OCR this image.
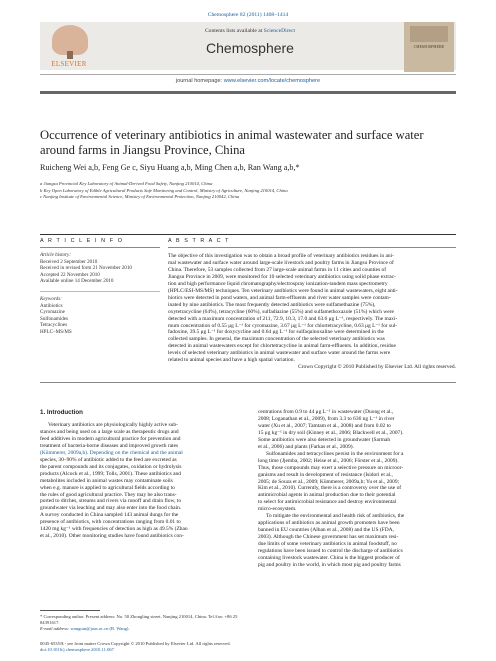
Chemosphere 82 (2011) 1408–1414
ELSEVIER
Contents lists available at ScienceDirect
Chemosphere	CHEMOSPHERE
journal homepage: www.elsevier.com/locate/chemosphere
Occurrence of veterinary antibiotics in animal wastewater and surface water
around farms in Jiangsu Province, China
Ruicheng Wei a,b, Feng Ge c, Siyu Huang a,b, Ming Chen a,b, Ran Wang a,b,*
a Jiangsu Provincial Key Laboratory of Animal-Derived Food Safety, Nanjing 210014, China
b Key Open Laboratory of Edible Agricultural Products Safe Monitoring and Control, Ministry of Agriculture, Nanjing 210014, China
c Nanjing Institute of Environmental Science, Ministry of Environmental Protection, Nanjing 210042, China
A R T I C L E I N F O	A B S T R A C T
Article history:
Received 2 September 2010
Received in revised form 21 November 2010
Accepted 22 November 2010
Available online 14 December 2010
Keywords:
Antibiotics
Cyromazine
Sulfonamides
Tetracyclines
HPLC–MS/MS
The objective of this investigation was to obtain a broad profile of veterinary antibiotics residues in ani-
mal wastewater and surface water around large-scale livestock and poultry farms in Jiangsu Province of
China. Therefore, 53 samples collected from 27 large-scale animal farms in 11 cities and counties of
Jiangsu Province in 2009, were monitored for 10 selected veterinary antibiotics using solid phase extrac-
tion and high performance liquid chromatography/electrospray ionization-tandem mass spectrometry
(HPLC/ESI-MS/MS) techniques. Ten veterinary antibiotics were found in animal wastewaters, eight anti-
biotics were detected in pond waters, and animal farm-effluents and river water samples were contam-
inated by nine antibiotics. The most frequently detected antibiotics were sulfamethazine (75%),
oxytetracycline (64%), tetracycline (60%), sulfadiazine (55%) and sulfamethoxazole (51%) which were
detected with a maximum concentration of 211, 72.9, 10.3, 17.0 and 63.6 μg L⁻¹, respectively. The maxi-
mum concentration of 0.55 μg L⁻¹ for cyromazine, 3.67 μg L⁻¹ for chlortetracycline, 0.63 μg L⁻¹ for sul-
fadoxine, 39.5 μg L⁻¹ for doxycycline and 0.64 μg L⁻¹ for sulfaquinoxaline were determined in the
collected samples. In general, the maximum concentration of the selected veterinary antibiotics was
detected in animal wastewaters except for chlortetracycline in animal farm-effluents. In addition, residue
levels of selected veterinary antibiotics in animal wastewater and surface water around the farms were
related to animal species and have a high spatial variation.
Crown Copyright © 2010 Published by Elsevier Ltd. All rights reserved.
1. Introduction
Veterinary antibiotics are physiologically highly active sub-
stances and being used on a large scale as therapeutic drugs and
feed additives in modern agricultural practice for prevention and
treatment of bacteria-borne diseases and improved growth rates
(Kümmerer, 2009a,b). Depending on the chemical and the animal
species, 30–90% of antibiotic added to the feed are excreted as
the parent compounds and its conjugates, oxidation or hydrolysis
products (Alcock et al., 1999; Tolls, 2001). These antibiotics and
metabolites included in animal wastes may contaminate soils
when e.g. manure is applied to agricultural fields according to
the rules of good agricultural practice. They may be also trans-
ported to ditches, streams and rivers via runoff and drain flow, to
groundwater via leaching and may also enter into the food chain.
A survey conducted in China sampled 143 animal dungs for the
presence of antibiotics, with concentrations ranging from 0.01 to
1420 mg kg⁻¹ with frequencies of detection as high as 49.5% (Zhao
et al., 2010). Other monitoring studies have found antibiotics con-
centrations from 0.9 to 44 μg L⁻¹ in wastewater (Duong et al.,
2008; Loganathan et al., 2009), from 3.3 to 636 ng L⁻¹ in river
water (Xu et al., 2007; Tamtam et al., 2008) and from 0.02 to
15 μg kg⁻¹ in dry soil (Kinney et al., 2006; Blackwell et al., 2007).
Some antibiotics were also detected in groundwater (Sarmah
et al., 2006) and plants (Farkas et al., 2009).
Sulfonamides and tetracyclines persist in the environment for a
long time (Jjemba, 2002; Heise et al., 2006; Förster et al., 2009).
Thus, those compounds may exert a selective pressure on microor-
ganisms and result in development of resistance (Isidori et al.,
2005; de Souza et al., 2009; Kümmerer, 2009a,b; Yu et al., 2009;
Kim et al., 2010). Currently, there is a controversy over the use of
antimicrobial agents in animal production due to their potential
to select for antimicrobial resistance and destroy environmental
micro-ecosystem.
To mitigate the environmental and health risk of antibiotics, the
applications of antibiotics as animal growth promoters have been
banned in EU countries (Alban et al., 2008) and the US (FDA,
2003). Although the Chinese government has set maximum resi-
due limits of some veterinary antibiotics in animal foodstuff, no
regulations have been issued to control the discharge of antibiotics
containing livestock wastewater. China is the biggest producer of
pig and poultry in the world, in which most pig and poultry farms
* Corresponding author. Present address: No. 50 Zhongling street, Nanjing 210014, China. Tel./fax: +86 25 84391617.
E-mail address: wangran@jaas.ac.cn (R. Wang).
0045-6535/$ - see front matter Crown Copyright © 2010 Published by Elsevier Ltd. All rights reserved.
doi:10.1016/j.chemosphere.2010.11.067
